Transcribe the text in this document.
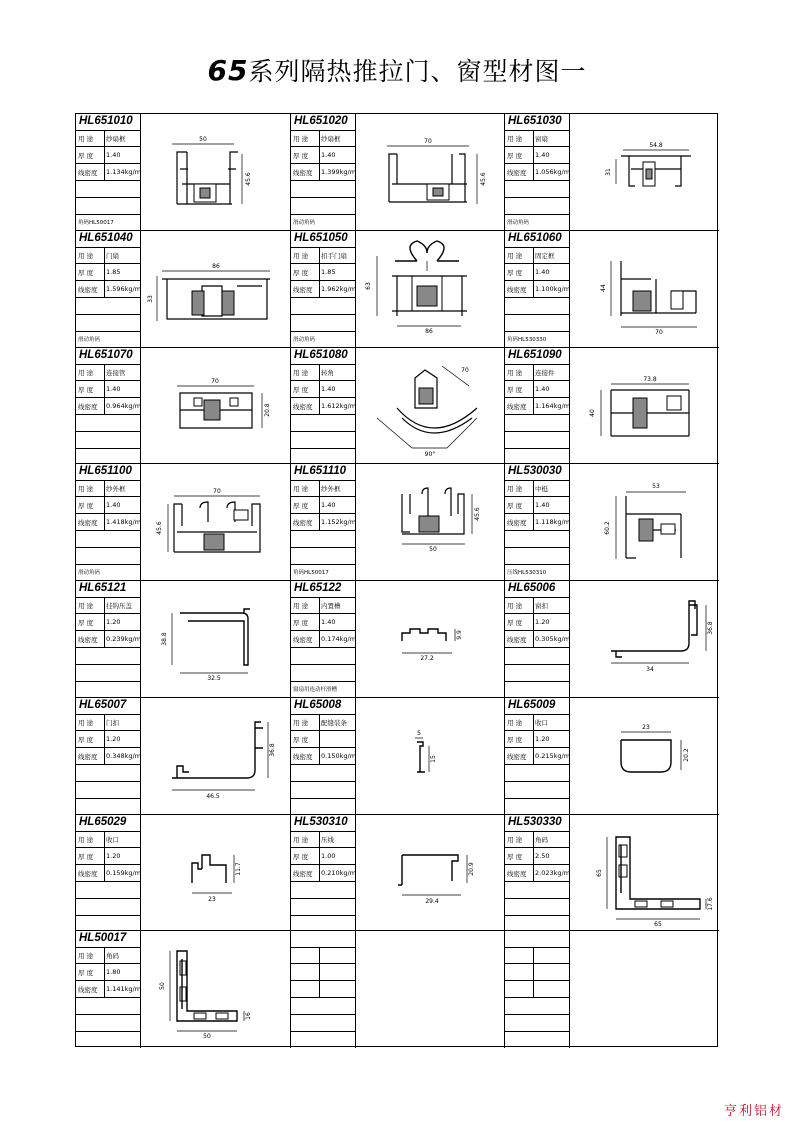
65系列隔热推拉门、窗型材图一
HL651010
用 途 纱扇框
厚 度 1.40
线密度 1.134kg/m
角码HL50017
50
45.6
HL651020
用 途 纱扇框
厚 度 1.40
线密度 1.399kg/m
滑动角码
70
45.6
HL651030
用 途 窗扇
厚 度 1.40
线密度 1.056kg/m
滑动角码
54.8
31
HL651040
用 途 门扇
厚 度 1.85
线密度 1.596kg/m
滑动角码
86
33
HL651050
用 途 扣手门扇
厚 度 1.85
线密度 1.962kg/m
滑动角码
63
86
HL651060
用 途 固定框
厚 度 1.40
线密度 1.100kg/m
角码HL530330
44
70
HL651070
用 途 连接管
厚 度 1.40
线密度 0.964kg/m
70
20.8
HL651080
用 途 转角
厚 度 1.40
线密度 1.612kg/m
90°
70
HL651090
用 途 连接件
厚 度 1.40
线密度 1.164kg/m
73.8
40
HL651100
用 途 纱外框
厚 度 1.40
线密度 1.418kg/m
滑动角码
70
45.6
HL651110
用 途 纱外框
厚 度 1.40
线密度 1.152kg/m
角码HL50017
45.6
50
HL530030
用 途 中梃
厚 度 1.40
线密度 1.118kg/m
压线HL530310
53
60.2
HL65121
用 途 挂钩压盖
厚 度 1.20
线密度 0.239kg/m	38.8
32.5
HL65122
用 途 内置槽
厚 度 1.40
线密度 0.174kg/m
窗扇用连动杆滑槽
9.9
27.2
HL65006
用 途 窗扣
厚 度 1.20
线密度 0.305kg/m
36.8
34
HL65007
用 途 门扣
厚 度 1.20
线密度 0.348kg/m	36.8
46.5
HL65008
用 途 配缝装条
厚 度
线密度 0.150kg/m
5
15
HL65009
用 途 收口
厚 度 1.20
线密度 0.215kg/m
23
20.2
HL65029
用 途 收口
厚 度 1.20
线密度 0.159kg/m	11.7
23
HL530310
用 途 压线
厚 度 1.00
线密度 0.210kg/m	20.9
29.4
HL530330
用 途 角码
厚 度 2.50
线密度 2.023kg/m	65
17.6
65
HL50017
用 途 角码
厚 度 1.80
线密度 1.141kg/m	50
16
50
亨利铝材
